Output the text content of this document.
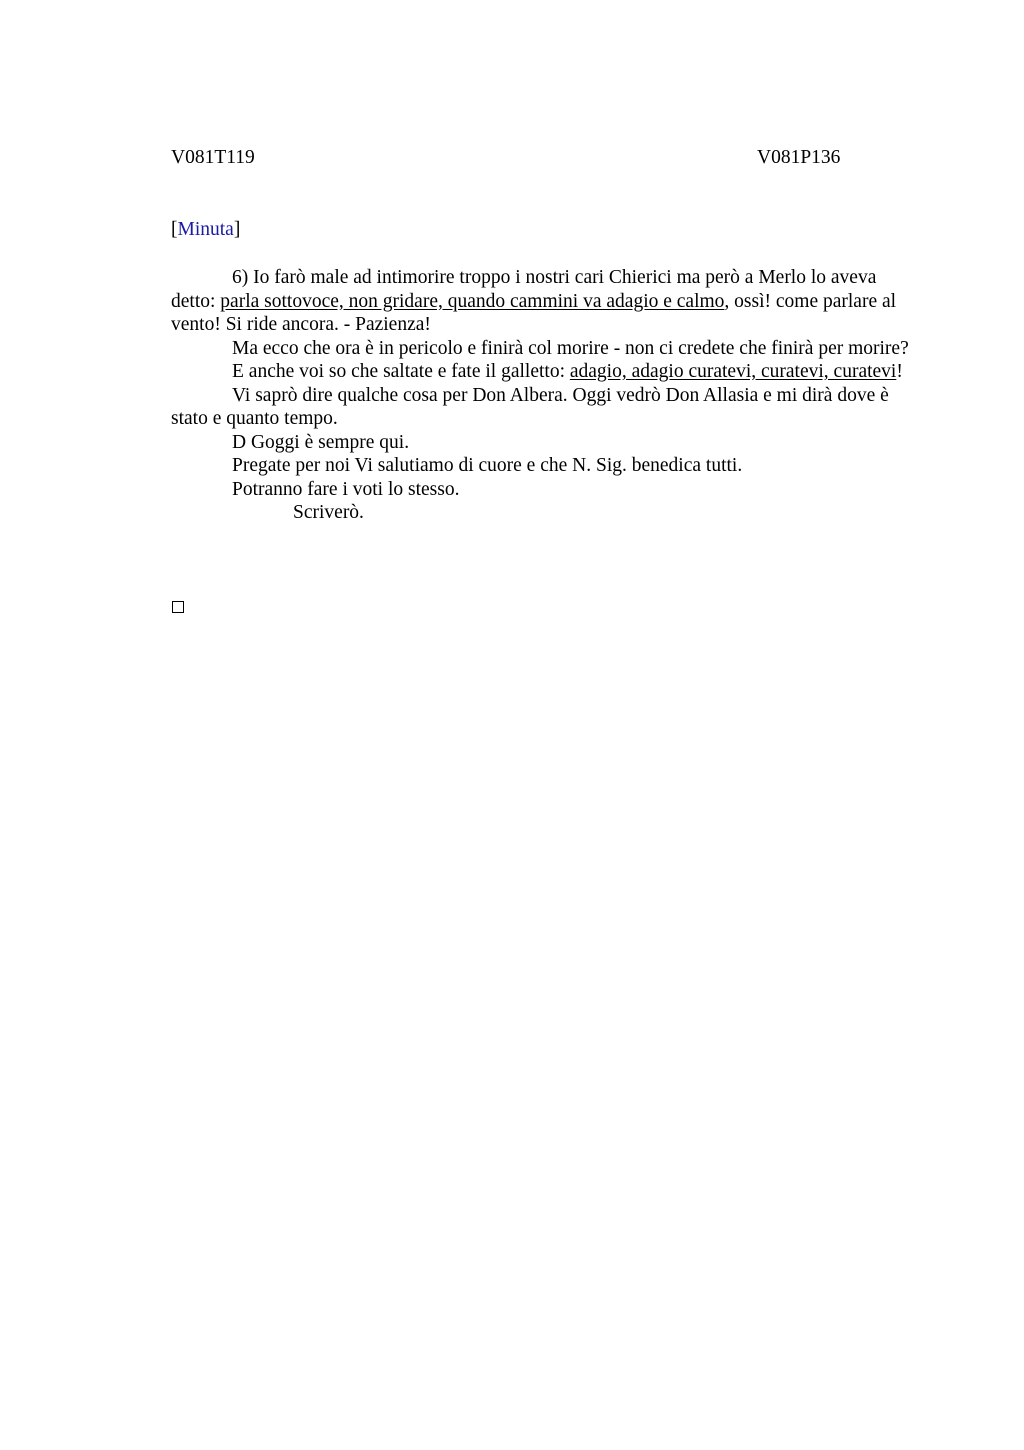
V081T119	V081P136
[Minuta]

6) Io farò male ad intimorire troppo i nostri cari Chierici ma però a Merlo lo aveva detto: parla sottovoce, non gridare, quando cammini va adagio e calmo, ossì! come parlare al vento! Si ride ancora. - Pazienza!

Ma ecco che ora è in pericolo e finirà col morire - non ci credete che finirà per morire?

E anche voi so che saltate e fate il galletto: adagio, adagio curatevi, curatevi, curatevi!

Vi saprò dire qualche cosa per Don Albera. Oggi vedrò Don Allasia e mi dirà dove è stato e quanto tempo.

D Goggi è sempre qui.

Pregate per noi Vi salutiamo di cuore e che N. Sig. benedica tutti.

Potranno fare i voti lo stesso.

Scriverò.
